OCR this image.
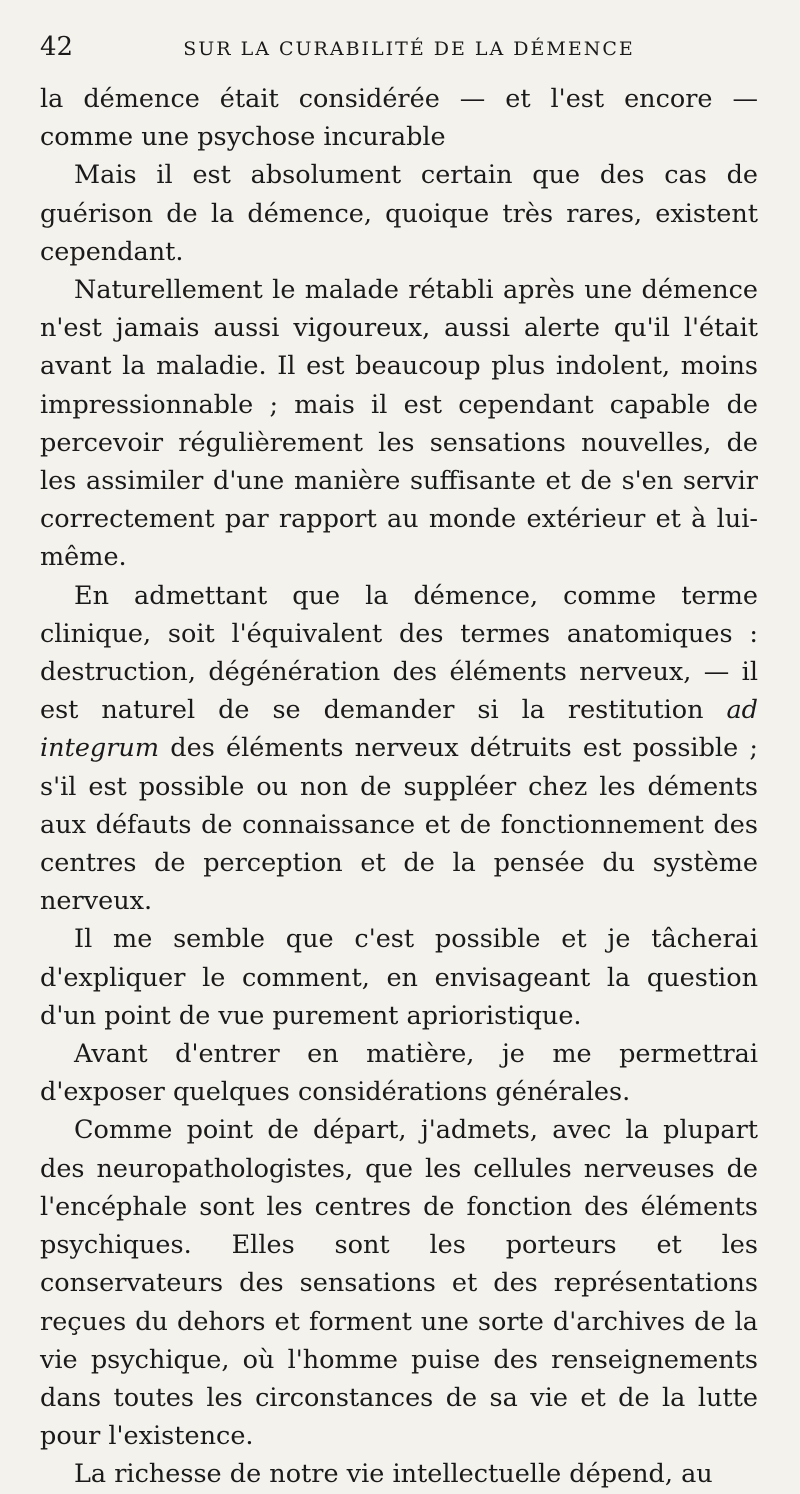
42	SUR LA CURABILITÉ DE LA DÉMENCE

la démence était considérée — et l'est encore — comme une psychose incurable

Mais il est absolument certain que des cas de guérison de la démence, quoique très rares, existent cependant.

Naturellement le malade rétabli après une démence n'est jamais aussi vigoureux, aussi alerte qu'il l'était avant la maladie. Il est beaucoup plus indolent, moins impressionnable ; mais il est cependant capable de percevoir régulièrement les sensations nouvelles, de les assimiler d'une manière suffisante et de s'en servir correctement par rapport au monde extérieur et à lui-même.

En admettant que la démence, comme terme clinique, soit l'équivalent des termes anatomiques : destruction, dégénération des éléments nerveux, — il est naturel de se demander si la restitution ad integrum des éléments nerveux détruits est possible ; s'il est possible ou non de suppléer chez les déments aux défauts de connaissance et de fonctionnement des centres de perception et de la pensée du système nerveux.

Il me semble que c'est possible et je tâcherai d'expliquer le comment, en envisageant la question d'un point de vue purement aprioristique.

Avant d'entrer en matière, je me permettrai d'exposer quelques considérations générales.

Comme point de départ, j'admets, avec la plupart des neuropathologistes, que les cellules nerveuses de l'encéphale sont les centres de fonction des éléments psychiques. Elles sont les porteurs et les conservateurs des sensations et des représentations reçues du dehors et forment une sorte d'archives de la vie psychique, où l'homme puise des renseignements dans toutes les circonstances de sa vie et de la lutte pour l'existence.

La richesse de notre vie intellectuelle dépend, au
